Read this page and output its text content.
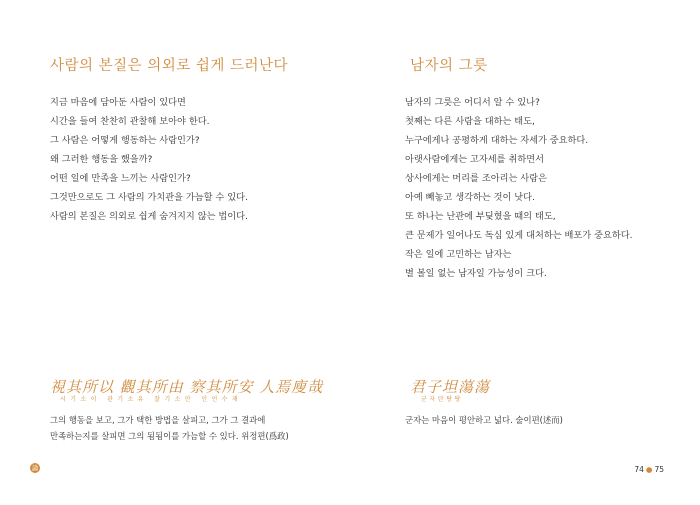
사람의 본질은 의외로 쉽게 드러난다
지금 마음에 담아둔 사람이 있다면
시간을 들여 찬찬히 관찰해 보아야 한다.
그 사람은 어떻게 행동하는 사람인가?
왜 그러한 행동을 했을까?
어떤 일에 만족을 느끼는 사람인가?
그것만으로도 그 사람의 가치관을 가늠할 수 있다.
사람의 본질은 의외로 쉽게 숨겨지지 않는 법이다.
視其所以 觀其所由 察其所安 人焉廋哉
시기소이 관기소유 찰기소안 인언수재
그의 행동을 보고, 그가 택한 방법을 살피고, 그가 그 결과에
만족하는지를 살피면 그의 됨됨이를 가늠할 수 있다. 위정편(爲政)
論
남자의 그릇
남자의 그릇은 어디서 알 수 있나?
첫째는 다른 사람을 대하는 태도,
누구에게나 공평하게 대하는 자세가 중요하다.
아랫사람에게는 고자세를 취하면서
상사에게는 머리를 조아리는 사람은
아예 빼놓고 생각하는 것이 낫다.
또 하나는 난관에 부딪혔을 때의 태도,
큰 문제가 일어나도 독심 있게 대처하는 배포가 중요하다.
작은 일에 고민하는 남자는
별 볼일 없는 남자일 가능성이 크다.
君子坦蕩蕩
군자탄탕탕
군자는 마음이 평안하고 넓다. 술이편(述而)
74 ● 75
